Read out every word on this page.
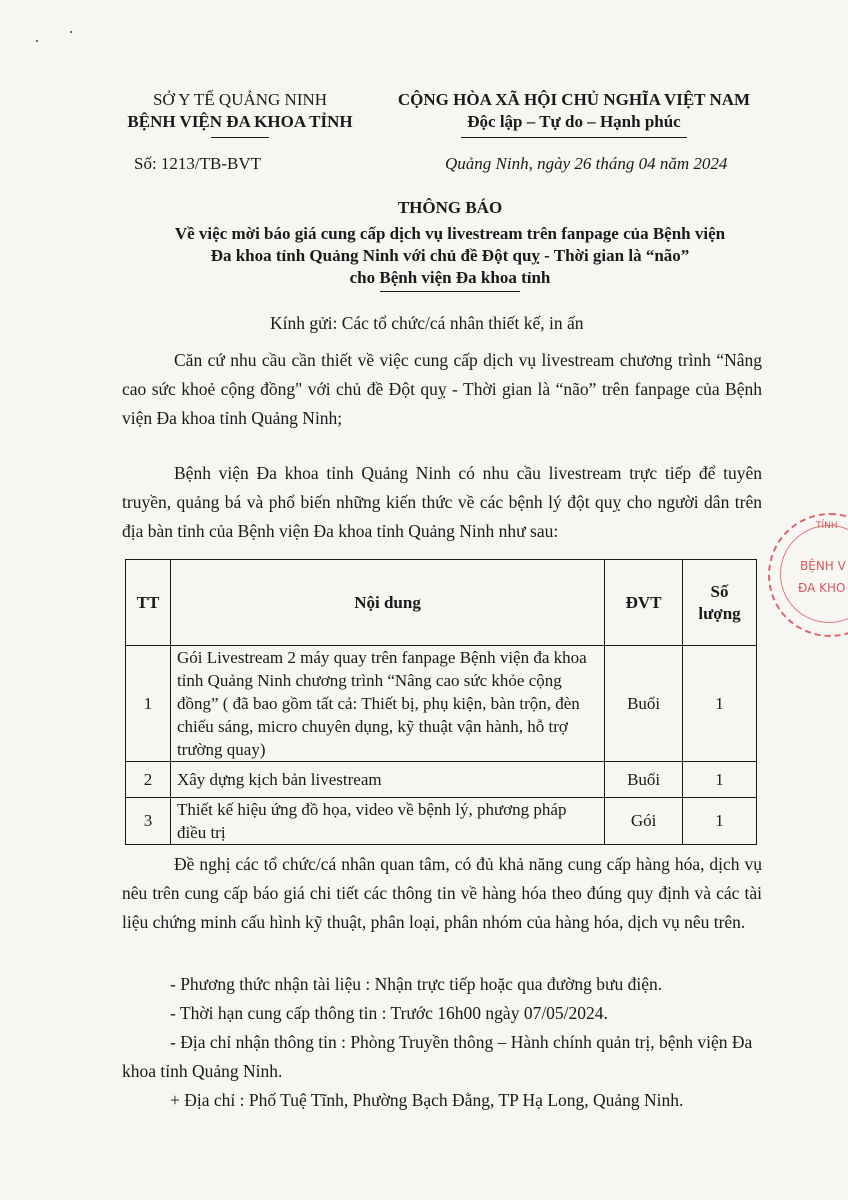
SỞ Y TẾ QUẢNG NINH
BỆNH VIỆN ĐA KHOA TỈNH
CỘNG HÒA XÃ HỘI CHỦ NGHĨA VIỆT NAM
Độc lập – Tự do – Hạnh phúc
Số: 1213/TB-BVT	Quảng Ninh, ngày 26 tháng 04 năm 2024
THÔNG BÁO
Về việc mời báo giá cung cấp dịch vụ livestream trên fanpage của Bệnh viện
Đa khoa tỉnh Quảng Ninh với chủ đề Đột quỵ - Thời gian là “não”
cho Bệnh viện Đa khoa tỉnh
Kính gửi: Các tổ chức/cá nhân thiết kế, in ấn
Căn cứ nhu cầu cần thiết về việc cung cấp dịch vụ livestream chương trình “Nâng cao sức khoẻ cộng đồng" với chủ đề Đột quỵ - Thời gian là “não” trên fanpage của Bệnh viện Đa khoa tỉnh Quảng Ninh;
Bệnh viện Đa khoa tỉnh Quảng Ninh có nhu cầu livestream trực tiếp để tuyên truyền, quảng bá và phổ biến những kiến thức về các bệnh lý đột quỵ cho người dân trên địa bàn tỉnh của Bệnh viện Đa khoa tỉnh Quảng Ninh như sau:
TT	Nội dung	ĐVT	Số
lượng
1	Gói Livestream 2 máy quay trên fanpage Bệnh viện đa khoa tỉnh Quảng Ninh chương trình “Nâng cao sức khỏe cộng đồng” ( đã bao gồm tất cả: Thiết bị, phụ kiện, bàn trộn, đèn chiếu sáng, micro chuyên dụng, kỹ thuật vận hành, hỗ trợ trường quay)	Buổi	1
2	Xây dựng kịch bản livestream	Buổi	1
3	Thiết kế hiệu ứng đồ họa, video về bệnh lý, phương pháp điều trị	Gói	1
Đề nghị các tổ chức/cá nhân quan tâm, có đủ khả năng cung cấp hàng hóa, dịch vụ nêu trên cung cấp báo giá chi tiết các thông tin về hàng hóa theo đúng quy định và các tài liệu chứng minh cấu hình kỹ thuật, phân loại, phân nhóm của hàng hóa, dịch vụ nêu trên.
- Phương thức nhận tài liệu : Nhận trực tiếp hoặc qua đường bưu điện.
- Thời hạn cung cấp thông tin : Trước 16h00 ngày 07/05/2024.
- Địa chỉ nhận thông tin : Phòng Truyền thông – Hành chính quản trị, bệnh viện Đa khoa tỉnh Quảng Ninh.
+ Địa chỉ : Phố Tuệ Tĩnh, Phường Bạch Đằng, TP Hạ Long, Quảng Ninh.
TỈNH
BỆNH V
ĐA KHO
